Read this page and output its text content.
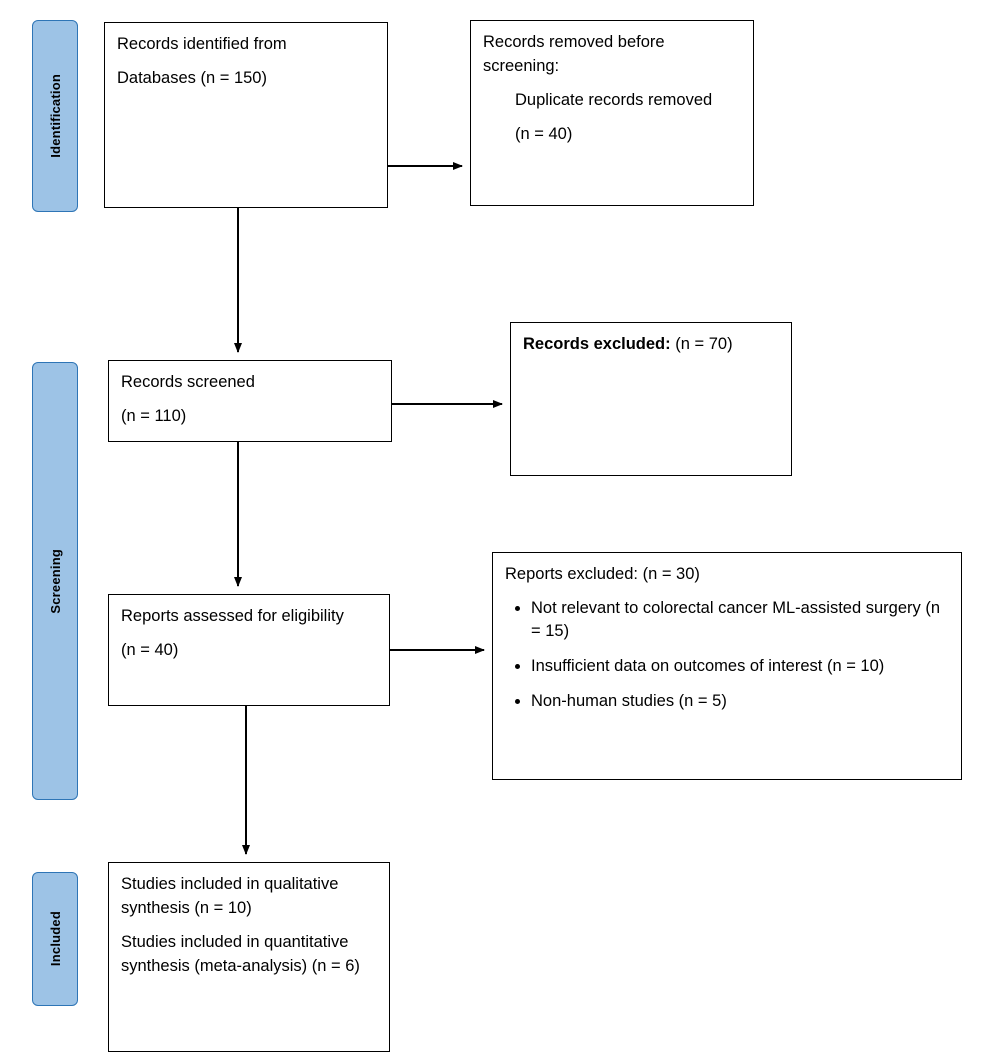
Identification
Screening
Included

Records identified from

Databases (n = 150)

Records removed before screening:

Duplicate records removed

(n = 40)

Records screened

(n = 110)

Records excluded: (n = 70)

Reports assessed for eligibility

(n = 40)

Reports excluded: (n = 30)

• Not relevant to colorectal cancer ML-assisted surgery (n = 15)
• Insufficient data on outcomes of interest (n = 10)
• Non-human studies (n = 5)

Studies included in qualitative synthesis (n = 10)

Studies included in quantitative synthesis (meta-analysis) (n = 6)
